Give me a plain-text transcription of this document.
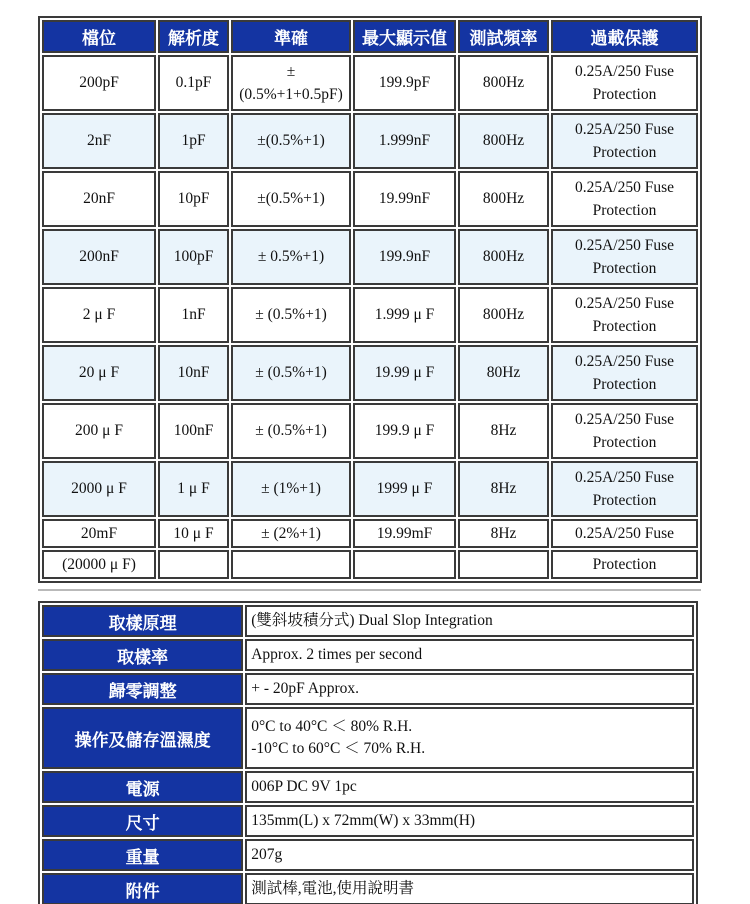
檔位	解析度	準確	最大顯示值	測試頻率	過載保護
200pF	0.1pF	±(0.5%+1+0.5pF)	199.9pF	800Hz	0.25A/250 Fuse Protection
2nF	1pF	±(0.5%+1)	1.999nF	800Hz	0.25A/250 Fuse Protection
20nF	10pF	±(0.5%+1)	19.99nF	800Hz	0.25A/250 Fuse Protection
200nF	100pF	± 0.5%+1)	199.9nF	800Hz	0.25A/250 Fuse Protection
2 μ F	1nF	± (0.5%+1)	1.999 μ F	800Hz	0.25A/250 Fuse Protection
20 μ F	10nF	± (0.5%+1)	19.99 μ F	80Hz	0.25A/250 Fuse Protection
200 μ F	100nF	± (0.5%+1)	199.9 μ F	8Hz	0.25A/250 Fuse Protection
2000 μ F	1 μ F	± (1%+1)	1999 μ F	8Hz	0.25A/250 Fuse Protection
20mF	10 μ F	± (2%+1)	19.99mF	8Hz	0.25A/250 Fuse
(20000 μ F)					Protection
取樣原理	(雙斜坡積分式) Dual Slop Integration
取樣率	Approx. 2 times per second
歸零調整	+ - 20pF Approx.
操作及儲存溫濕度	0°C to 40°C ＜ 80% R.H.
-10°C to 60°C ＜ 70% R.H.

電源	006P DC 9V 1pc
尺寸	135mm(L) x 72mm(W) x 33mm(H)
重量	207g
附件	測試棒,電池,使用說明書
